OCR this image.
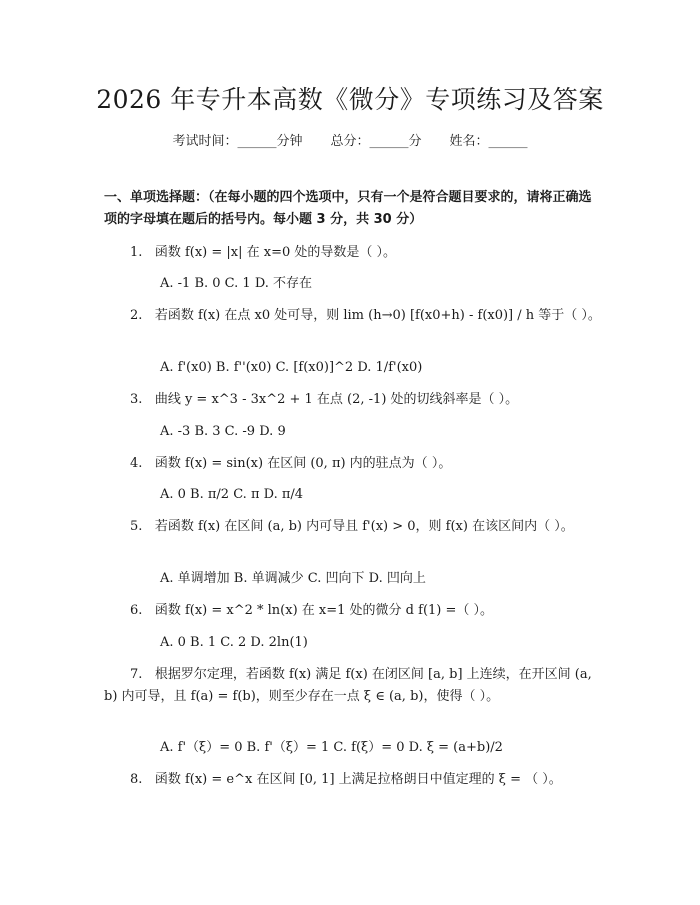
2026 年专升本高数《微分》专项练习及答案
考试时间：______分钟 总分：______分 姓名：______
一、单项选择题：（在每小题的四个选项中，只有一个是符合题目要求的，请将正确选项的字母填在题后的括号内。每小题 3 分，共 30 分）
1. 函数 f(x) = |x| 在 x=0 处的导数是（ ）。
A. -1 B. 0 C. 1 D. 不存在
2. 若函数 f(x) 在点 x0 处可导，则 lim (h→0) [f(x0+h) - f(x0)] / h 等于（ ）。
A. f'(x0) B. f''(x0) C. [f(x0)]^2 D. 1/f'(x0)
3. 曲线 y = x^3 - 3x^2 + 1 在点 (2, -1) 处的切线斜率是（ ）。
A. -3 B. 3 C. -9 D. 9
4. 函数 f(x) = sin(x) 在区间 (0, π) 内的驻点为（ ）。
A. 0 B. π/2 C. π D. π/4
5. 若函数 f(x) 在区间 (a, b) 内可导且 f'(x) > 0，则 f(x) 在该区间内（ ）。
A. 单调增加 B. 单调减少 C. 凹向下 D. 凹向上
6. 函数 f(x) = x^2 * ln(x) 在 x=1 处的微分 d f(1) =（ ）。
A. 0 B. 1 C. 2 D. 2ln(1)
7. 根据罗尔定理，若函数 f(x) 满足 f(x) 在闭区间 [a, b] 上连续，在开区间 (a, b) 内可导，且 f(a) = f(b)，则至少存在一点 ξ ∈ (a, b)，使得（ ）。
A. f'（ξ）= 0 B. f'（ξ）= 1 C. f(ξ）= 0 D. ξ = (a+b)/2
8. 函数 f(x) = e^x 在区间 [0, 1] 上满足拉格朗日中值定理的 ξ = （ ）。
